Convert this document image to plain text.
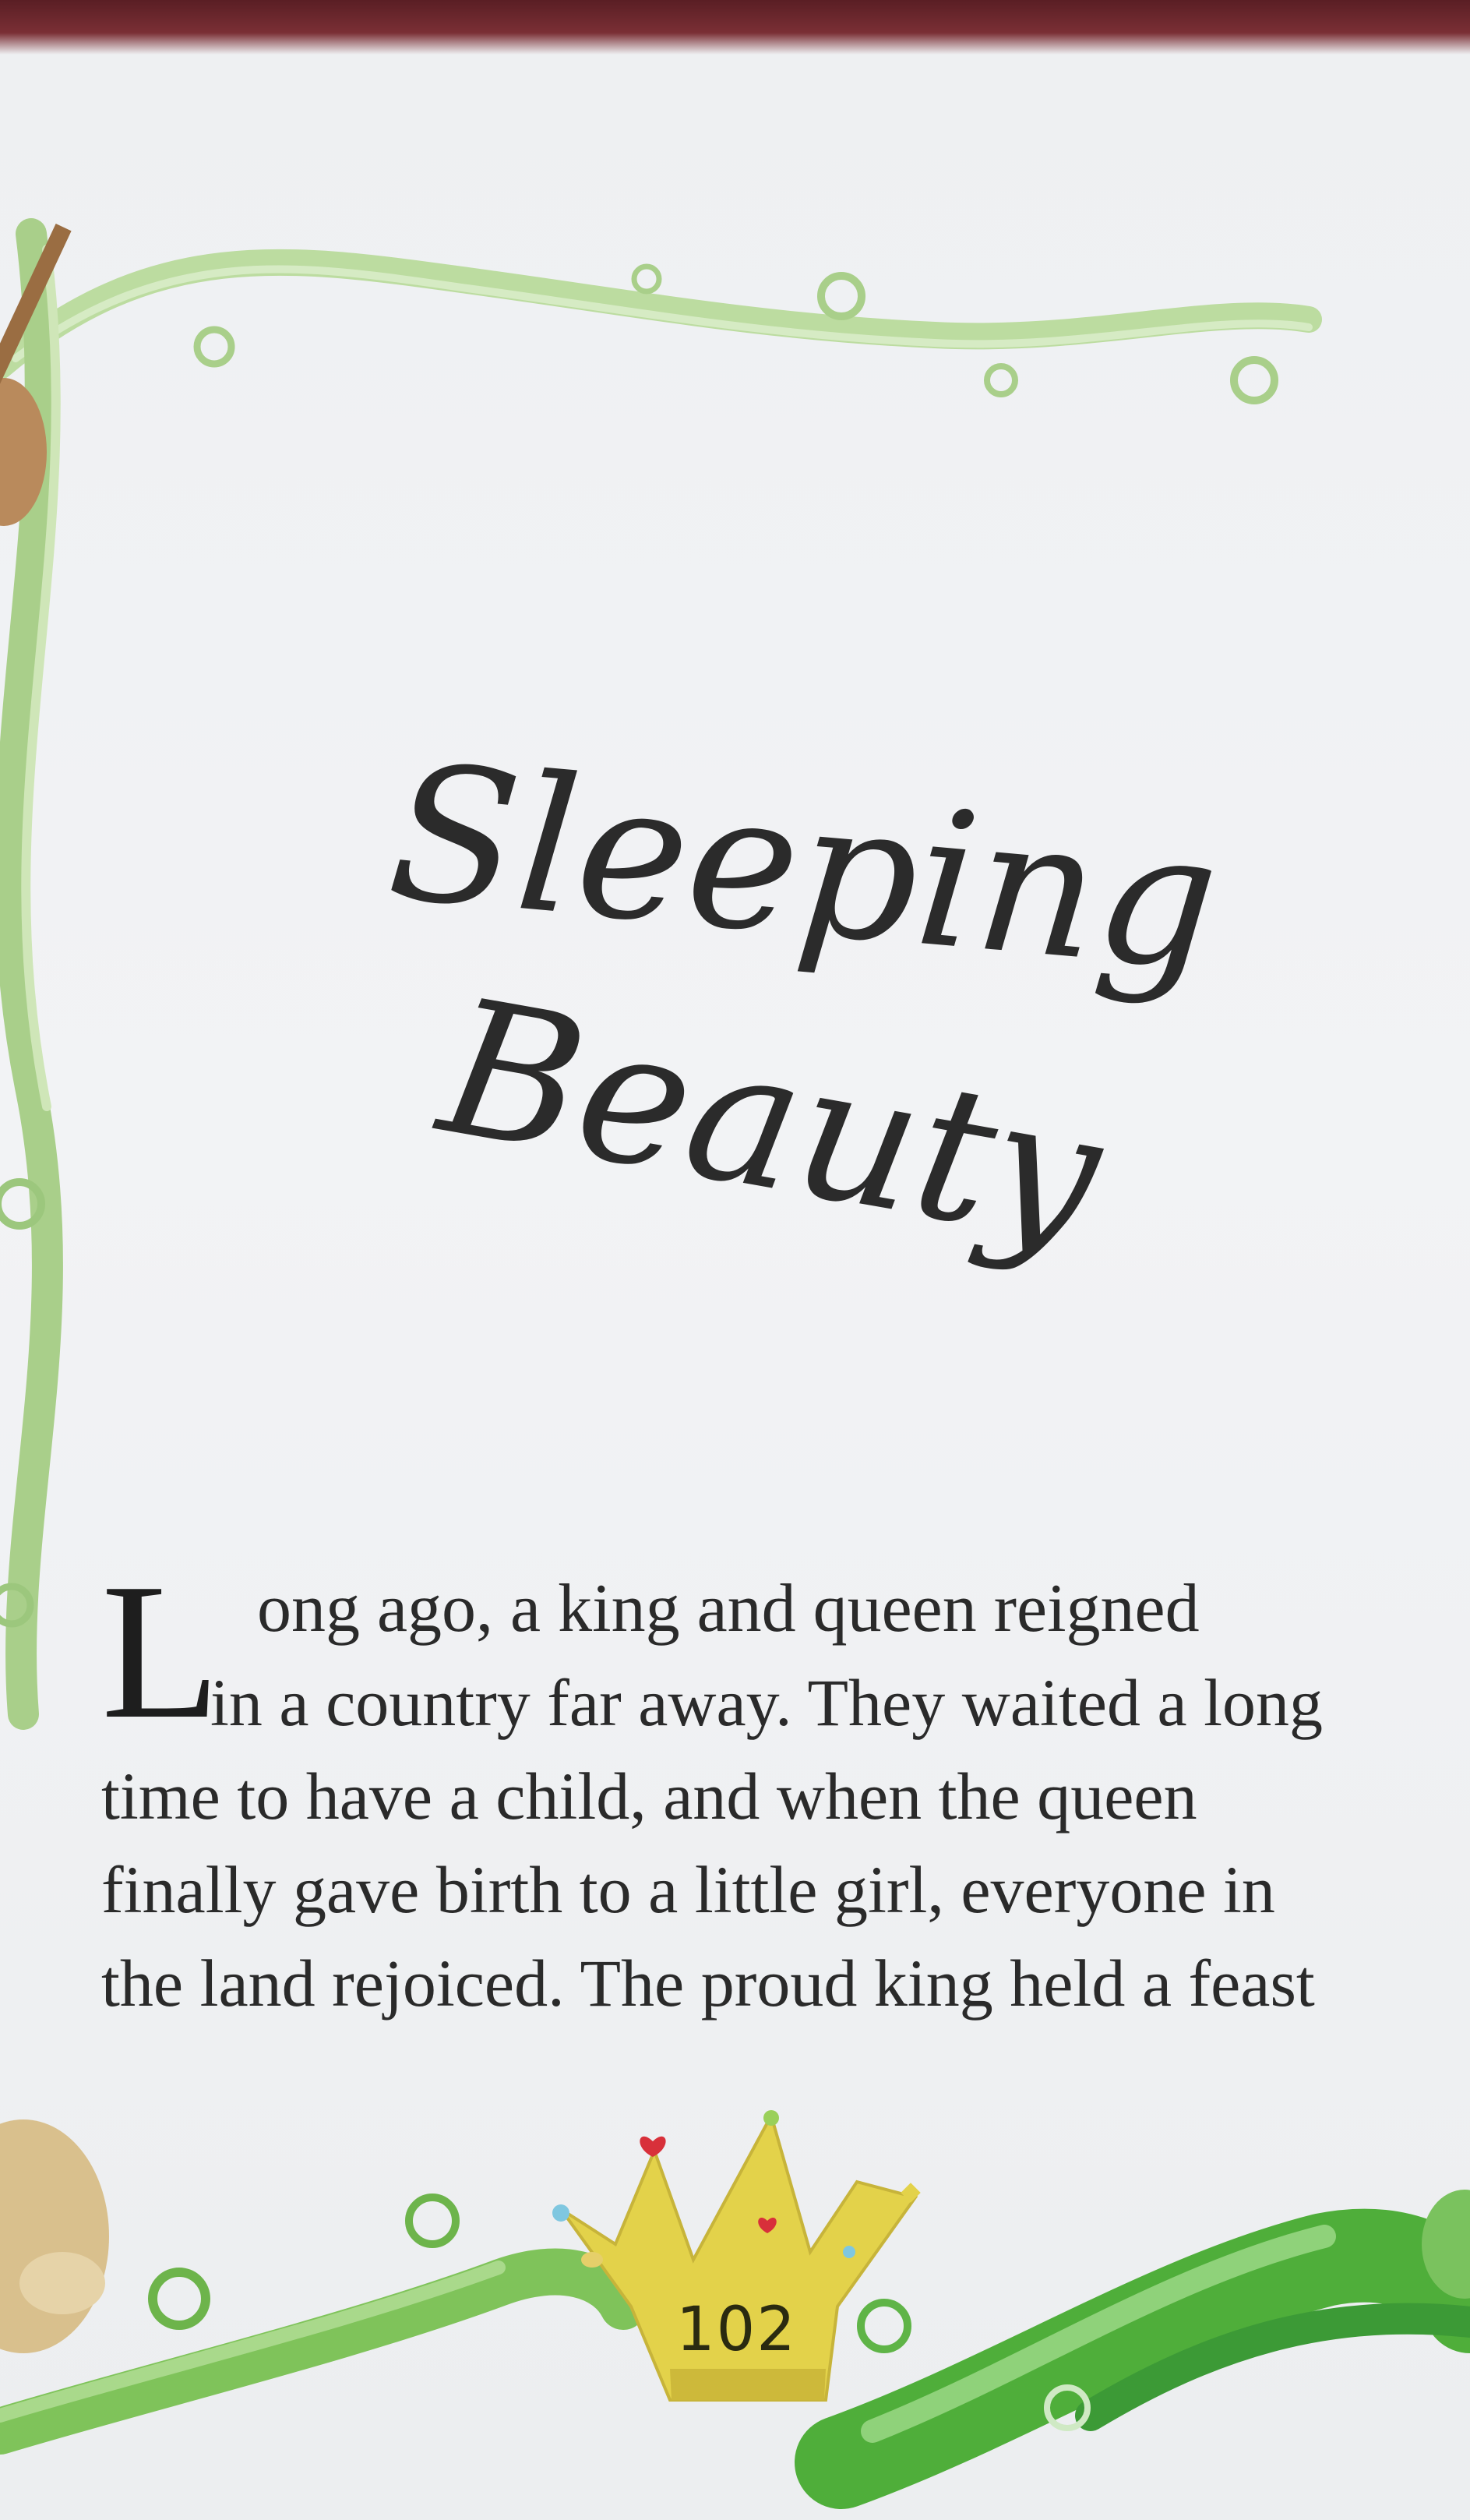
Sleeping
Beauty
L ong ago, a king and queen reigned
in a country far away. They waited a long
time to have a child, and when the queen
finally gave birth to a little girl, everyone in
the land rejoiced. The proud king held a feast
102
